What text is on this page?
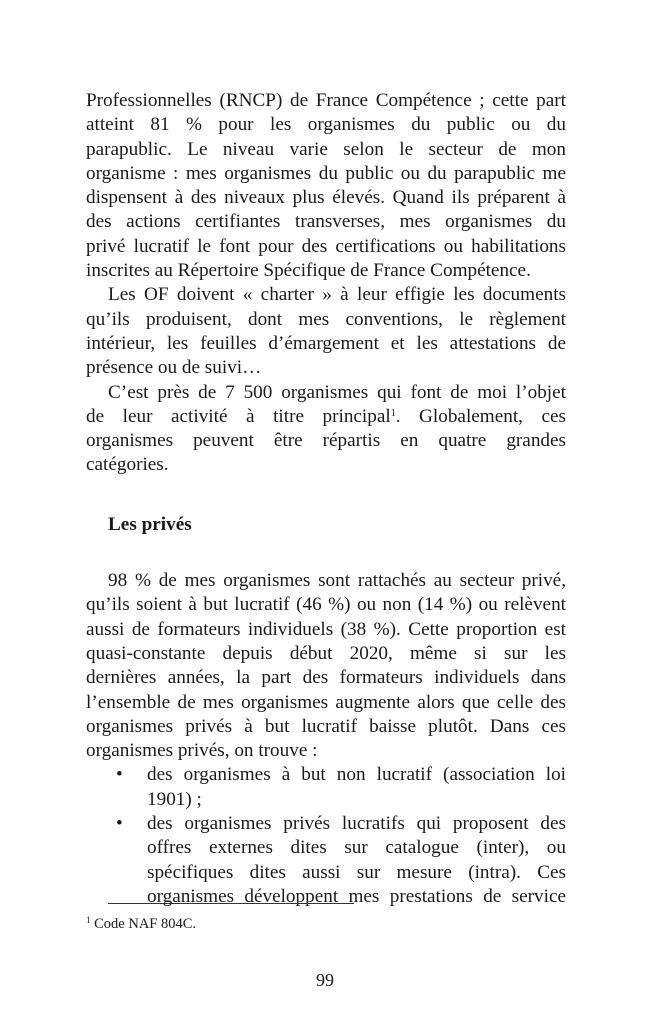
Professionnelles (RNCP) de France Compétence ; cette part
atteint 81 % pour les organismes du public ou du
parapublic. Le niveau varie selon le secteur de mon
organisme : mes organismes du public ou du parapublic me
dispensent à des niveaux plus élevés. Quand ils préparent à
des actions certifiantes transverses, mes organismes du
privé lucratif le font pour des certifications ou habilitations
inscrites au Répertoire Spécifique de France Compétence.
Les OF doivent « charter » à leur effigie les documents
qu’ils produisent, dont mes conventions, le règlement
intérieur, les feuilles d’émargement et les attestations de
présence ou de suivi…
C’est près de 7 500 organismes qui font de moi l’objet
de leur activité à titre principal$^1$. Globalement, ces
organismes peuvent être répartis en quatre grandes
catégories.
Les privés
98 % de mes organismes sont rattachés au secteur privé,
qu’ils soient à but lucratif (46 %) ou non (14 %) ou relèvent
aussi de formateurs individuels (38 %). Cette proportion est
quasi-constante depuis début 2020, même si sur les
dernières années, la part des formateurs individuels dans
l’ensemble de mes organismes augmente alors que celle des
organismes privés à but lucratif baisse plutôt. Dans ces
organismes privés, on trouve :
• des organismes à but non lucratif (association loi
1901) ;
• des organismes privés lucratifs qui proposent des
offres externes dites sur catalogue (inter), ou
spécifiques dites aussi sur mesure (intra). Ces
organismes développent mes prestations de service
$^1$ Code NAF 804C.
99
